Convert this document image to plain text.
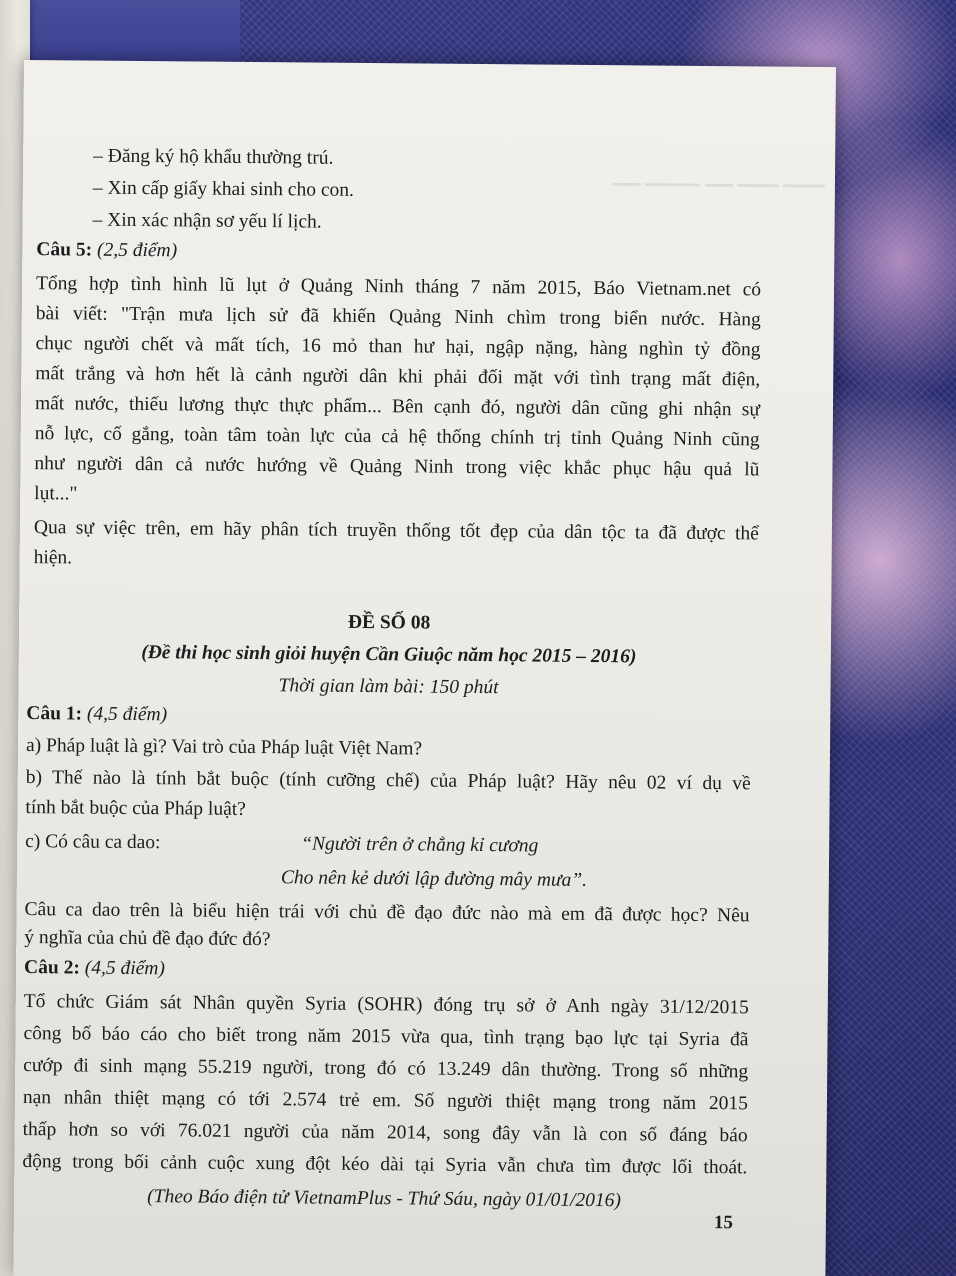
▁▁▁ ▁▁▁ ▁▁ ▁▁▁▁ ▁▁
– Đăng ký hộ khẩu thường trú.
– Xin cấp giấy khai sinh cho con.
– Xin xác nhận sơ yếu lí lịch.
Câu 5: (2,5 điểm)
Tổng hợp tình hình lũ lụt ở Quảng Ninh tháng 7 năm 2015, Báo Vietnam.net có
bài viết: "Trận mưa lịch sử đã khiến Quảng Ninh chìm trong biển nước. Hàng
chục người chết và mất tích, 16 mỏ than hư hại, ngập nặng, hàng nghìn tỷ đồng
mất trắng và hơn hết là cảnh người dân khi phải đối mặt với tình trạng mất điện,
mất nước, thiếu lương thực thực phẩm... Bên cạnh đó, người dân cũng ghi nhận sự
nỗ lực, cố gắng, toàn tâm toàn lực của cả hệ thống chính trị tỉnh Quảng Ninh cũng
như người dân cả nước hướng về Quảng Ninh trong việc khắc phục hậu quả lũ
lụt..."
Qua sự việc trên, em hãy phân tích truyền thống tốt đẹp của dân tộc ta đã được thể
hiện.
ĐỀ SỐ 08
(Đề thi học sinh giỏi huyện Cần Giuộc năm học 2015 – 2016)
Thời gian làm bài: 150 phút
Câu 1: (4,5 điểm)
a) Pháp luật là gì? Vai trò của Pháp luật Việt Nam?
b) Thế nào là tính bắt buộc (tính cưỡng chế) của Pháp luật? Hãy nêu 02 ví dụ về
tính bắt buộc của Pháp luật?
c) Có câu ca dao:	“Người trên ở chẳng kỉ cương
Cho nên kẻ dưới lập đường mây mưa”.
Câu ca dao trên là biểu hiện trái với chủ đề đạo đức nào mà em đã được học? Nêu
ý nghĩa của chủ đề đạo đức đó?
Câu 2: (4,5 điểm)
Tổ chức Giám sát Nhân quyền Syria (SOHR) đóng trụ sở ở Anh ngày 31/12/2015
công bố báo cáo cho biết trong năm 2015 vừa qua, tình trạng bạo lực tại Syria đã
cướp đi sinh mạng 55.219 người, trong đó có 13.249 dân thường. Trong số những
nạn nhân thiệt mạng có tới 2.574 trẻ em. Số người thiệt mạng trong năm 2015
thấp hơn so với 76.021 người của năm 2014, song đây vẫn là con số đáng báo
động trong bối cảnh cuộc xung đột kéo dài tại Syria vẫn chưa tìm được lối thoát.
(Theo Báo điện tử VietnamPlus - Thứ Sáu, ngày 01/01/2016)
15
